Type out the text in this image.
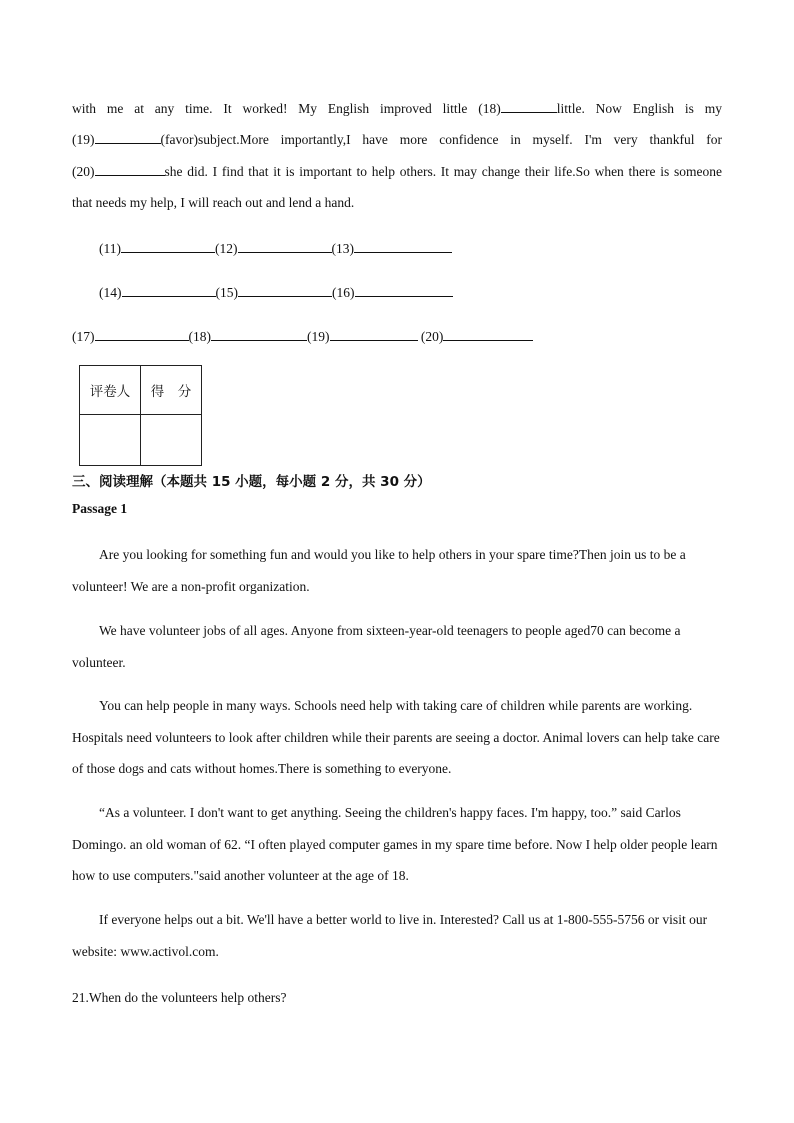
with me at any time. It worked! My English improved little (18)	little. Now English is my
(19)	(favor)subject.More importantly,I have more confidence in myself. I'm very thankful for
(20)	she did. I find that it is important to help others. It may change their life.So when there is someone
that needs my help, I will reach out and lend a hand.
(11)	(12)	(13)
(14)	(15)	(16)
(17)	(18)	(19)	(20)
评卷人	得　分

三、阅读理解（本题共 15 小题，每小题 2 分，共 30 分）
Passage 1
Are you looking for something fun and would you like to help others in your spare time?Then join us to be a volunteer! We are a non-profit organization.
We have volunteer jobs of all ages. Anyone from sixteen-year-old teenagers to people aged70 can become a volunteer.
You can help people in many ways. Schools need help with taking care of children while parents are working. Hospitals need volunteers to look after children while their parents are seeing a doctor. Animal lovers can help take care of those dogs and cats without homes.There is something to everyone.
“As a volunteer. I don't want to get anything. Seeing the children's happy faces. I'm happy, too.” said Carlos Domingo. an old woman of 62. “I often played computer games in my spare time before. Now I help older people learn how to use computers."said another volunteer at the age of 18.
If everyone helps out a bit. We'll have a better world to live in. Interested? Call us at 1-800-555-5756 or visit our website: www.activol.com.
21.When do the volunteers help others?
